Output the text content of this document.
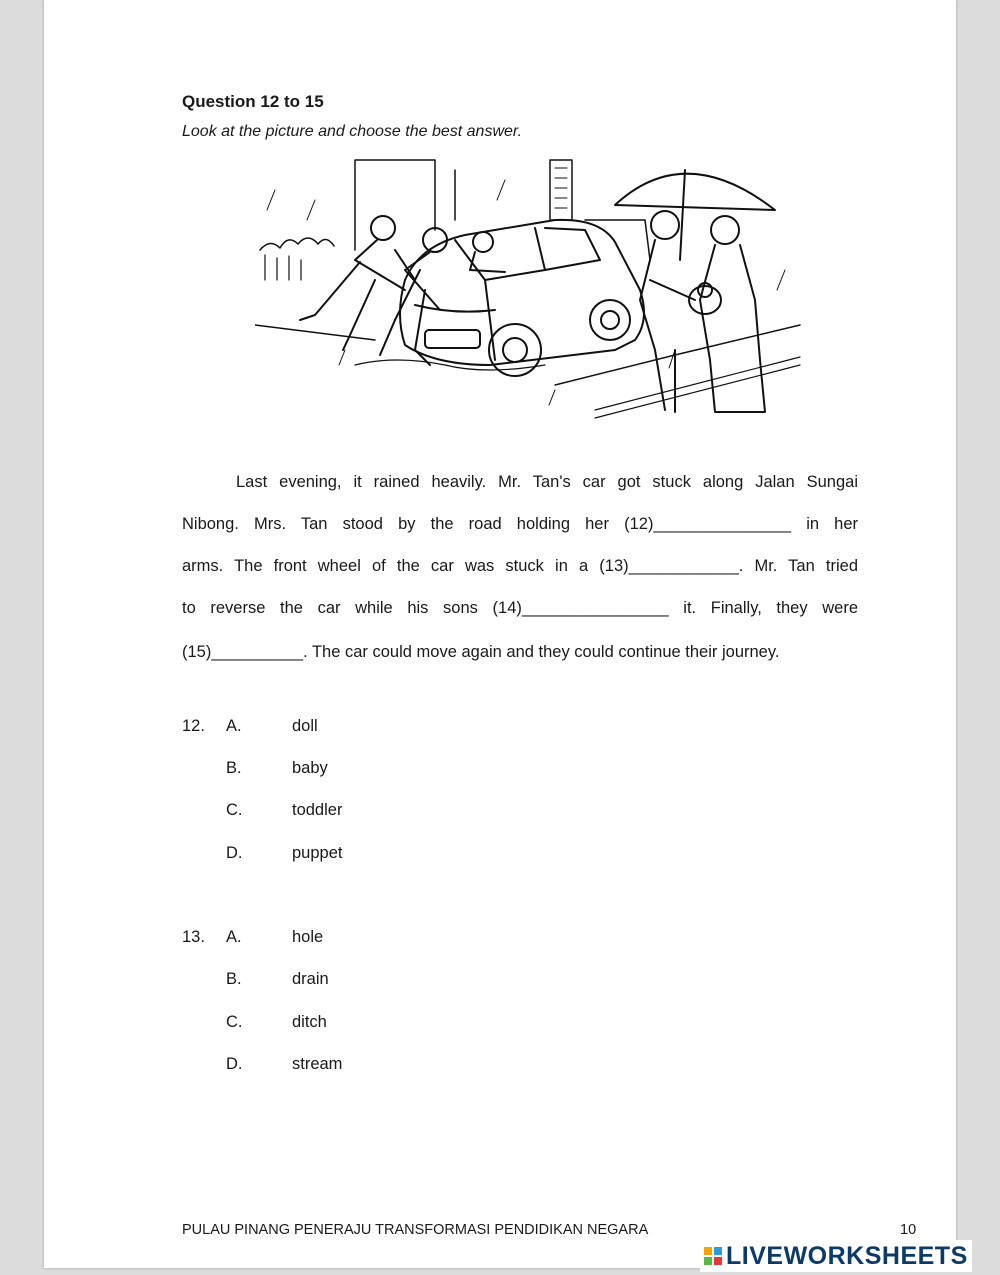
Question 12 to 15
Look at the picture and choose the best answer.
Last evening, it rained heavily. Mr. Tan's car got stuck along Jalan Sungai
Nibong. Mrs. Tan stood by the road holding her (12)_______________ in her
arms. The front wheel of the car was stuck in a (13)____________. Mr. Tan tried
to reverse the car while his sons (14)________________ it. Finally, they were
(15)__________. The car could move again and they could continue their journey.
12. A.	doll
B.	baby
C.	toddler
D.	puppet
13. A.	hole
B.	drain
C.	ditch
D.	stream
PULAU PINANG PENERAJU TRANSFORMASI PENDIDIKAN NEGARA	10
LIVEWORKSHEETS
